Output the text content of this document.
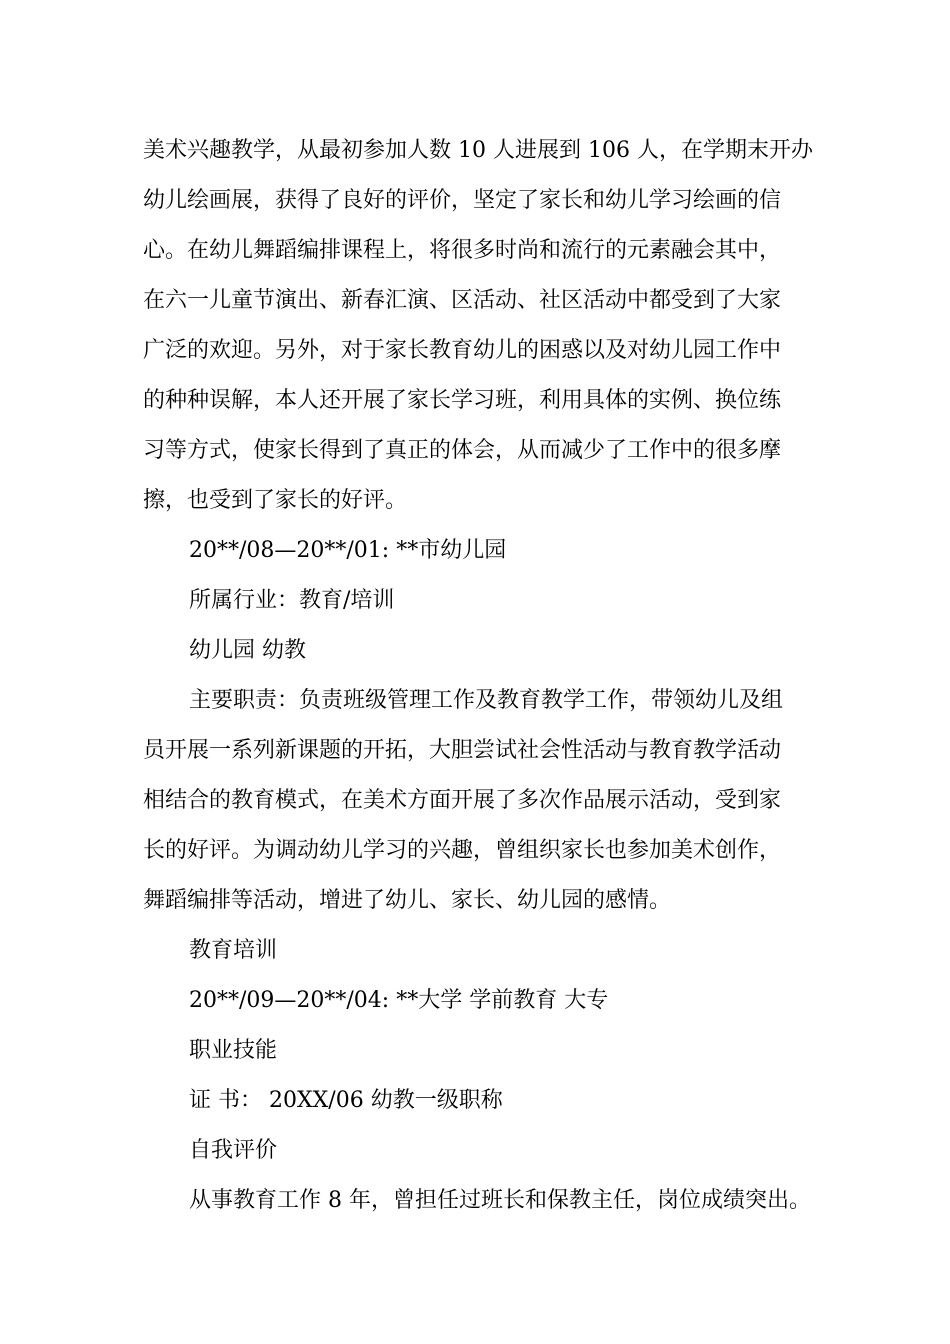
美术兴趣教学，从最初参加人数 10 人进展到 106 人，在学期末开办
幼儿绘画展，获得了良好的评价，坚定了家长和幼儿学习绘画的信
心。在幼儿舞蹈编排课程上，将很多时尚和流行的元素融会其中，
在六一儿童节演出、新春汇演、区活动、社区活动中都受到了大家
广泛的欢迎。另外，对于家长教育幼儿的困惑以及对幼儿园工作中
的种种误解，本人还开展了家长学习班，利用具体的实例、换位练
习等方式，使家长得到了真正的体会，从而减少了工作中的很多摩
擦，也受到了家长的好评。
20**/08—20**/01: **市幼儿园
所属行业：教育/培训
幼儿园 幼教
主要职责：负责班级管理工作及教育教学工作，带领幼儿及组
员开展一系列新课题的开拓，大胆尝试社会性活动与教育教学活动
相结合的教育模式，在美术方面开展了多次作品展示活动，受到家
长的好评。为调动幼儿学习的兴趣，曾组织家长也参加美术创作，
舞蹈编排等活动，增进了幼儿、家长、幼儿园的感情。
教育培训
20**/09—20**/04: **大学 学前教育 大专
职业技能
证 书： 20XX/06 幼教一级职称
自我评价
从事教育工作 8 年，曾担任过班长和保教主任，岗位成绩突出。
